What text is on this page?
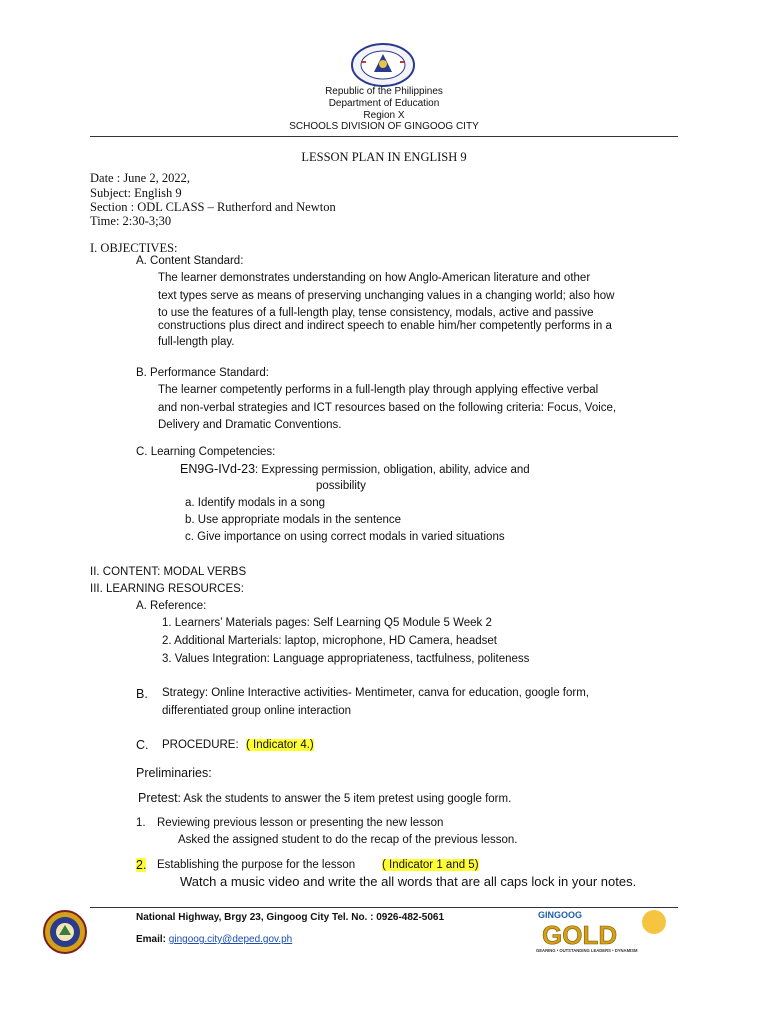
Republic of the Philippines
Department of Education
Region X
SCHOOLS DIVISION OF GINGOOG CITY
LESSON PLAN IN ENGLISH 9
Date : June 2, 2022,
Subject: English 9
Section : ODL CLASS – Rutherford and Newton
Time: 2:30-3;30
I. OBJECTIVES:
A. Content Standard:
The learner demonstrates understanding on how Anglo-American literature and other
text types serve as means of preserving unchanging values in a changing world; also how
to use the features of a full-length play, tense consistency, modals, active and passive
constructions plus direct and indirect speech to enable him/her competently performs in a
full-length play.
B. Performance Standard:
The learner competently performs in a full-length play through applying effective verbal
and non-verbal strategies and ICT resources based on the following criteria: Focus, Voice,
Delivery and Dramatic Conventions.
C. Learning Competencies:
EN9G-IVd-23: Expressing permission, obligation, ability, advice and
possibility
a. Identify modals in a song
b. Use appropriate modals in the sentence
c. Give importance on using correct modals in varied situations
II. CONTENT: MODAL VERBS
III. LEARNING RESOURCES:
A. Reference:
1. Learners’ Materials pages: Self Learning Q5 Module 5 Week 2
2. Additional Marterials: laptop, microphone, HD Camera, headset
3. Values Integration: Language appropriateness, tactfulness, politeness
B. Strategy: Online Interactive activities- Mentimeter, canva for education, google form,
differentiated group online interaction
C. PROCEDURE: ( Indicator 4.)
Preliminaries:
Pretest: Ask the students to answer the 5 item pretest using google form.
1. Reviewing previous lesson or presenting the new lesson
Asked the assigned student to do the recap of the previous lesson.
2. Establishing the purpose for the lesson ( Indicator 1 and 5)
Watch a music video and write the all words that are all caps lock in your notes.
National Highway, Brgy 23, Gingoog City Tel. No. : 0926-482-5061
Email: gingoog.city@deped.gov.ph
GINGOOG
GOLD
GEARING • OUTSTANDING LEADERS • DYNAMISM
